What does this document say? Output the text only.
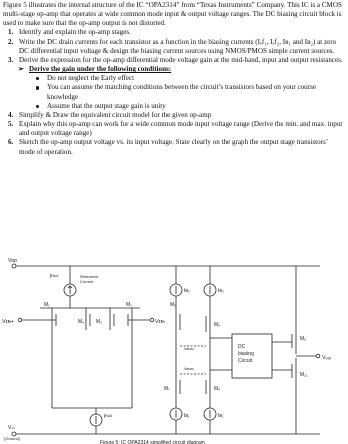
Figure 5 illustrates the internal structure of the IC “OPA2314” from “Texas Instruments” Company. This IC is a CMOS multi-stage op-amp that operates at wide common mode input & output voltage ranges. The DC biasing circuit block is used to make sure that the op-amp output is not distorted.

1. Identify and explain the op-amp stages.
2. Write the DC drain currents for each transistor as a function in the biasing currents (Iₑf₁, Iₑf₂, Iʙ₁ and Iʙ₂) at zero DC differential input voltage & design the biasing current sources using NMOS/PMOS simple current sources.
3. Derive the expression for the op-amp differential mode voltage gain at the mid-band, input and output resistances.
➢ Derive the gain under the following conditions:
Do not neglect the Early effect
You can assume the matching conditions between the circuit’s transistors based on your course knowledge
Assume that the output stage gain is unity
4. Simplify & Draw the equivalent circuit model for the given op-amp
5. Explain why this op-amp can work for a wide common mode input voltage range (Derive the min. and max. input and output voltage range)
6. Sketch the op-amp output voltage vs. its input voltage. State clearly on the graph the output stage transistors’ mode of operation.
Vᴅᴅ
Iᴿᵉᶠ¹	Reference
Current
Iʙ₂	Iʙ₂
Vɪɴ+	Vɪɴ-
M₁	M₂
M₃
M₄
M₅
M₆
Vʙɪᴀs¹
Vʙɪᴀs²
M₇	M₈
M₉
M₁₁
DC
biasing
Circuit	Vₒᵤₜ
Iᴿᵉᶠ²	Iʙ₁	Iʙ₁
Vₛₛ
(Ground)
Figure 5: IC OPA2314 simplified circuit diagram
